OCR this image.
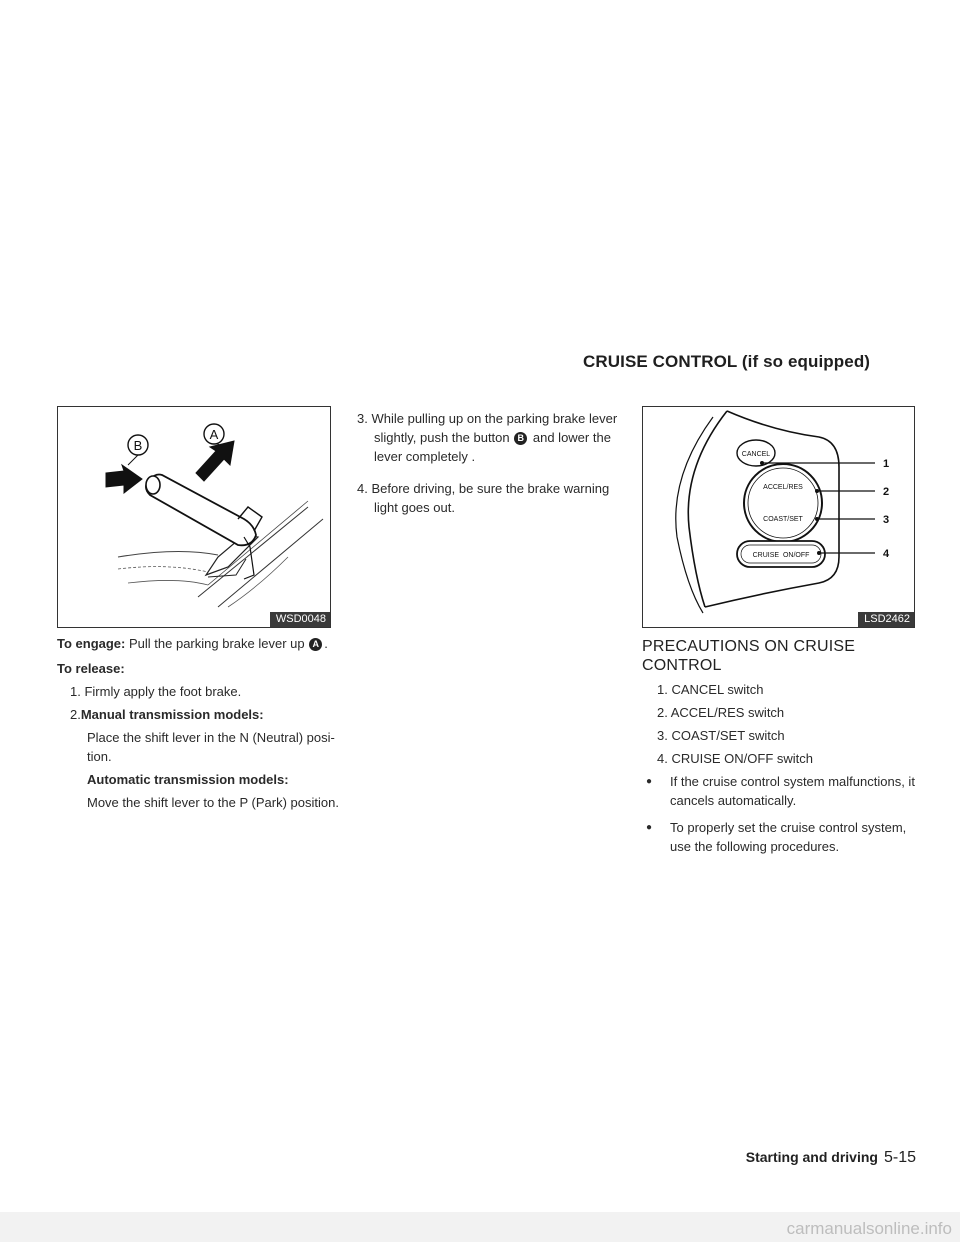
CRUISE CONTROL (if so equipped)
B
A
WSD0048
To engage: Pull the parking brake lever up A .
To release:
1. Firmly apply the foot brake.
2.Manual transmission models:
Place the shift lever in the N (Neutral) posi-
tion.
Automatic transmission models:
Move the shift lever to the P (Park) position.
3. While pulling up on the parking brake lever
slightly, push the button B and lower the
lever completely .
4. Before driving, be sure the brake warning
light goes out.
CANCEL
ACCEL/RES
COAST/SET
CRUISE  ON/OFF
1
2
3
4
LSD2462
PRECAUTIONS ON CRUISE
CONTROL
1. CANCEL switch
2. ACCEL/RES switch
3. COAST/SET switch
4. CRUISE ON/OFF switch
●	If the cruise control system malfunctions, it
cancels automatically.
●	To properly set the cruise control system,
use the following procedures.
Starting and driving 5-15
carmanualsonline.info
